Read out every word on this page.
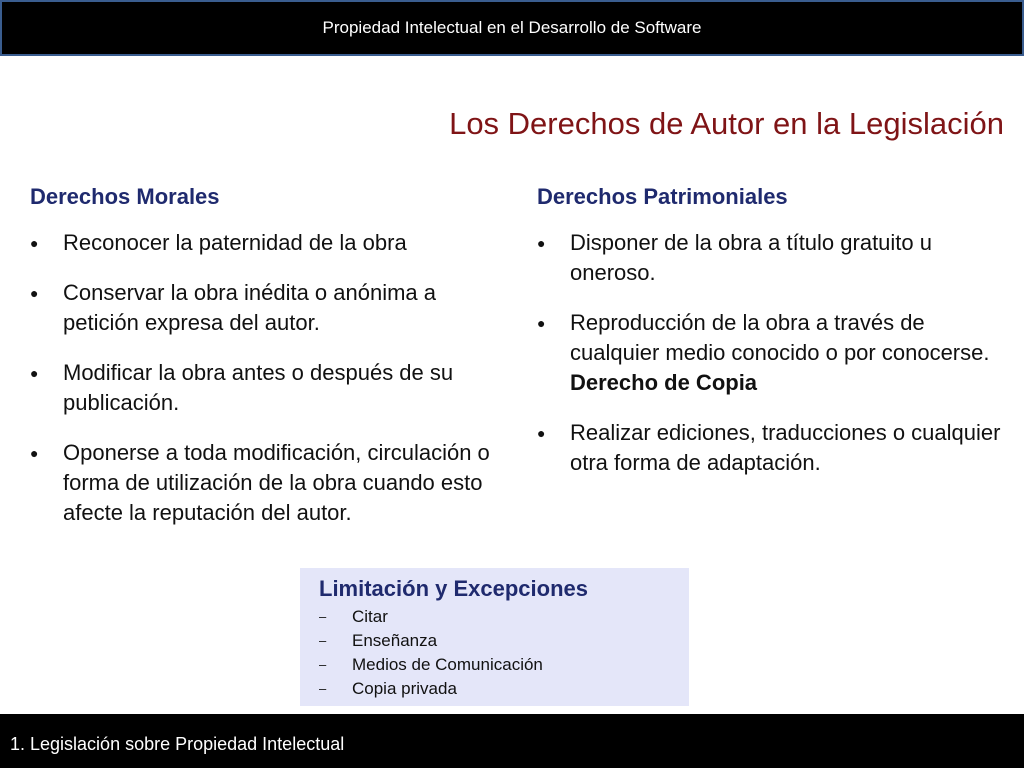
Propiedad Intelectual en el Desarrollo de Software
Los Derechos de Autor en la Legislación
Derechos Morales
● Reconocer la paternidad de la obra
● Conservar la obra inédita o anónima a petición expresa del autor.
● Modificar la obra antes o después de su publicación.
● Oponerse a toda modificación, circulación o forma de utilización de la obra cuando esto afecte la reputación del autor.
Derechos Patrimoniales
● Disponer de la obra a título gratuito u oneroso.
● Reproducción de la obra a través de cualquier medio conocido o por conocerse. Derecho de Copia
● Realizar ediciones, traducciones o cualquier otra forma de adaptación.
Limitación y Excepciones
– Citar
– Enseñanza
– Medios de Comunicación
– Copia privada
1. Legislación sobre Propiedad Intelectual
